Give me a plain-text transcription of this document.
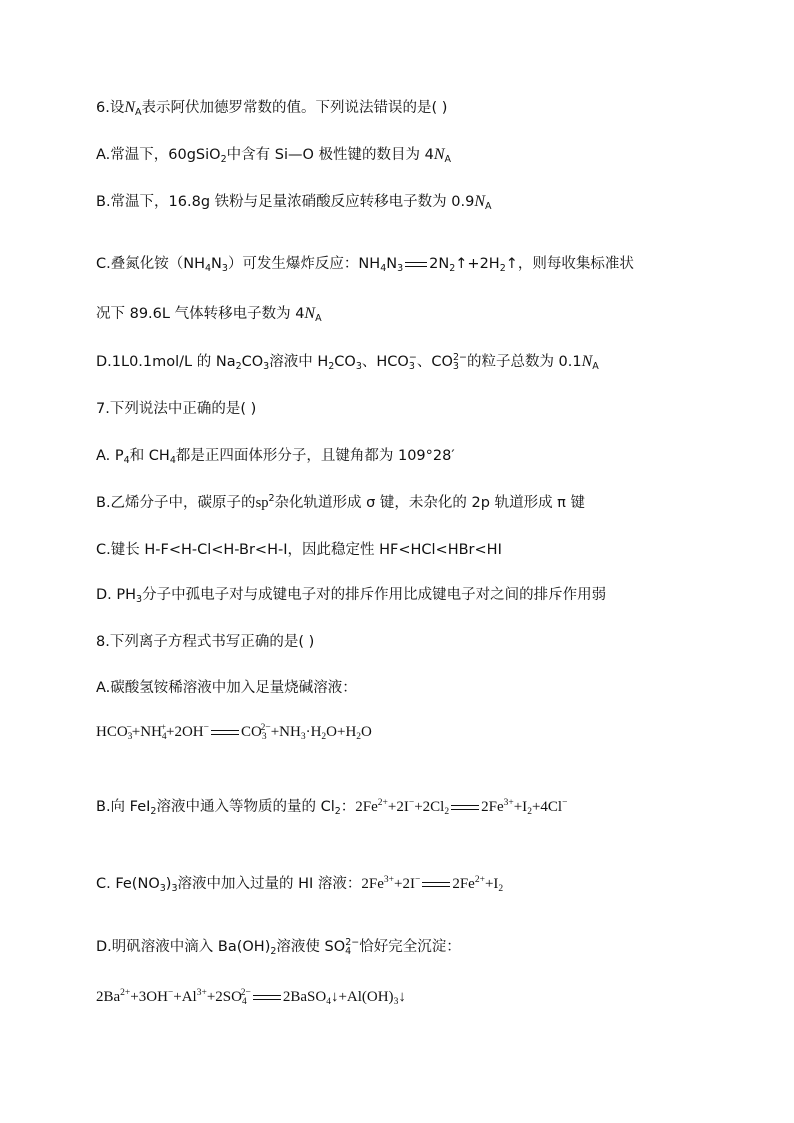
6.设$N_A$表示阿伏加德罗常数的值。下列说法错误的是( )
A.常温下，60gSiO$_2$中含有 Si—O 极性键的数目为 $4N_A$
B.常温下，16.8g 铁粉与足量浓硝酸反应转移电子数为 $0.9N_A$
C.叠氮化铵$(NH_4N_3)$可发生爆炸反应：$NH_4N_3$ $2N_2↑+2H_2↑$，则每收集标准状
况下 89.6L 气体转移电子数为 $4N_A$
D.1L0.1mol/L 的 $Na_2CO_3$溶液中 $H_2CO_3$、$HCO_3^-$、$CO_3^{2-}$的粒子总数为 $0.1N_A$
7.下列说法中正确的是( )
A. $P_4$和 $CH_4$都是正四面体形分子，且键角都为 109°28′
B.乙烯分子中，碳原子的$sp^2$杂化轨道形成 σ 键，未杂化的 2p 轨道形成 π 键
C.键长 H-F<H-Cl<H-Br<H-I，因此稳定性 HF<HCl<HBr<HI
D. $PH_3$分子中孤电子对与成键电子对的排斥作用比成键电子对之间的排斥作用弱
8.下列离子方程式书写正确的是( )
A.碳酸氢铵稀溶液中加入足量烧碱溶液：
$HCO_3^-+NH_4^++2OH^-$ $CO_3^{2-}+NH_3\cdot H_2O+H_2O$
B.向 FeI$_2$溶液中通入等物质的量的 $Cl_2$：$2Fe^{2+}+2I^-+2Cl_2$ $2Fe^{3+}+I_2+4Cl^-$
C. $Fe(NO_3)_3$溶液中加入过量的 HI 溶液：$2Fe^{3+}+2I^-$ $2Fe^{2+}+I_2$
D.明矾溶液中滴入 $Ba(OH)_2$溶液使 $SO_4^{2-}$恰好完全沉淀：
$2Ba^{2+}+3OH^-+Al^{3+}+2SO_4^{2-}$ $2BaSO_4↓+Al(OH)_3↓$
